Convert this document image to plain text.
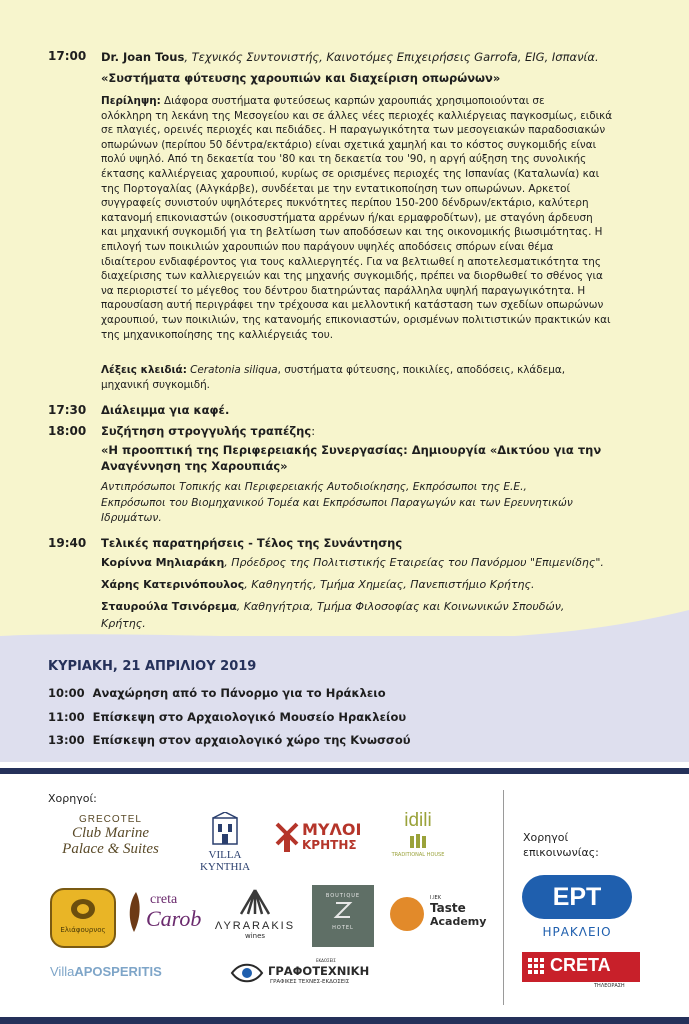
17:00 Dr. Joan Tous, Τεχνικός Συντονιστής, Καινοτόμες Επιχειρήσεις Garrofa, EIG, Ισπανία.
«Συστήματα φύτευσης χαρουπιών και διαχείριση οπωρώνων»
Περίληψη: Διάφορα συστήματα φυτεύσεως καρπών χαρουπιάς χρησιμοποιούνται σε
ολόκληρη τη λεκάνη της Μεσογείου και σε άλλες νέες περιοχές καλλιέργειας παγκοσμίως, ειδικά
σε πλαγιές, ορεινές περιοχές και πεδιάδες. Η παραγωγικότητα των μεσογειακών παραδοσιακών
οπωρώνων (περίπου 50 δέντρα/εκτάριο) είναι σχετικά χαμηλή και το κόστος συγκομιδής είναι
πολύ υψηλό. Από τη δεκαετία του '80 και τη δεκαετία του '90, η αργή αύξηση της συνολικής
έκτασης καλλιέργειας χαρουπιού, κυρίως σε ορισμένες περιοχές της Ισπανίας (Καταλωνία) και
της Πορτογαλίας (Αλγκάρβε), συνδέεται με την εντατικοποίηση των οπωρώνων. Αρκετοί
συγγραφείς συνιστούν υψηλότερες πυκνότητες περίπου 150-200 δένδρων/εκτάριο, καλύτερη
κατανομή επικονιαστών (οικοσυστήματα αρρένων ή/και ερμαφροδίτων), με σταγόνη άρδευση
και μηχανική συγκομιδή για τη βελτίωση των αποδόσεων και της οικονομικής βιωσιμότητας. Η
επιλογή των ποικιλιών χαρουπιών που παράγουν υψηλές αποδόσεις σπόρων είναι θέμα
ιδιαίτερου ενδιαφέροντος για τους καλλιεργητές. Για να βελτιωθεί η αποτελεσματικότητα της
διαχείρισης των καλλιεργειών και της μηχανής συγκομιδής, πρέπει να διορθωθεί το σθένος για
να περιοριστεί το μέγεθος του δέντρου διατηρώντας παράλληλα υψηλή παραγωγικότητα. Η
παρουσίαση αυτή περιγράφει την τρέχουσα και μελλοντική κατάσταση των σχεδίων οπωρώνων
χαρουπιού, των ποικιλιών, της κατανομής επικονιαστών, ορισμένων πολιτιστικών πρακτικών και
της μηχανικοποίησης της καλλιέργειάς του.
Λέξεις κλειδιά: Ceratonia siliqua, συστήματα φύτευσης, ποικιλίες, αποδόσεις, κλάδεμα,
μηχανική συγκομιδή.
17:30 Διάλειμμα για καφέ.
18:00 Συζήτηση στρογγυλής τραπέζης:
«Η προοπτική της Περιφερειακής Συνεργασίας: Δημιουργία «Δικτύου για την
Αναγέννηση της Χαρουπιάς»
Αντιπρόσωποι Τοπικής και Περιφερειακής Αυτοδιοίκησης, Εκπρόσωποι της Ε.Ε.,
Εκπρόσωποι του Βιομηχανικού Τομέα και Εκπρόσωποι Παραγωγών και των Ερευνητικών
Ιδρυμάτων.
19:40 Τελικές παρατηρήσεις - Τέλος της Συνάντησης
Κορίννα Μηλιαράκη, Πρόεδρος της Πολιτιστικής Εταιρείας του Πανόρμου "Επιμενίδης".
Χάρης Κατερινόπουλος, Καθηγητής, Τμήμα Χημείας, Πανεπιστήμιο Κρήτης.
Σταυρούλα Τσινόρεμα, Καθηγήτρια, Τμήμα Φιλοσοφίας και Κοινωνικών Σπουδών,
Κρήτης.
ΚΥΡΙΑΚΗ, 21 ΑΠΡΙΛΙΟΥ 2019
10:00 Αναχώρηση από το Πάνορμο για το Ηράκλειο
11:00 Επίσκεψη στο Αρχαιολογικό Μουσείο Ηρακλείου
13:00 Επίσκεψη στον αρχαιολογικό χώρο της Κνωσσού
Χορηγοί:
Χορηγοί
επικοινωνίας:
GRECOTEL
Club Marine
Palace & Suites	VILLA
KYNTHIA
ΜΥΛΟΙ
ΚΡΗΤΗΣ
idili
TRADITIONAL HOUSE
Ελιάφουρνος
creta
Carob	ΛΥRARAKIS
wines
BOUTIQUE
HOTEL
I.IEK
Taste
Academy
VillaAPOSPERITIS
ΕΚΔΟΣΕΙΣ
ΓΡΑΦΟΤΕΧΝΙΚΗ
ΓΡΑΦΙΚΕΣ ΤΕΧΝΕΣ-ΕΚΔΟΣΕΙΣ
ΕΡΤ
ΗΡΑΚΛΕΙΟ
CRETA
ΤΗΛΕΟΡΑΣΗ
